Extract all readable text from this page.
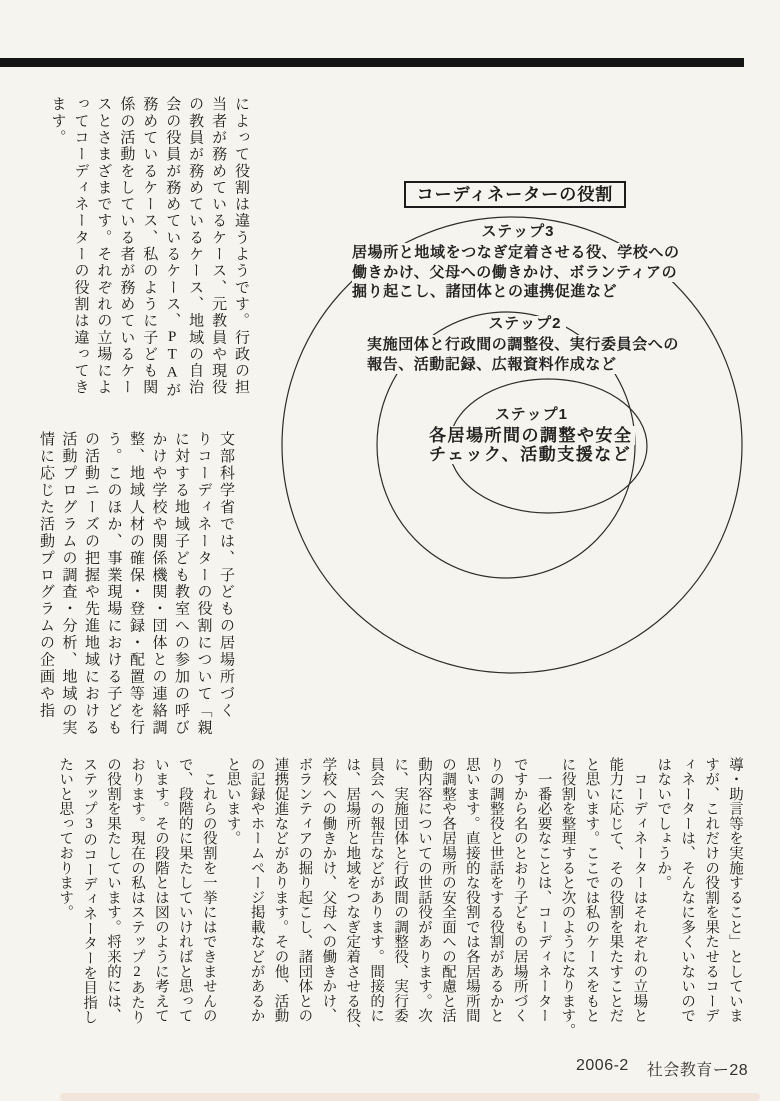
によって役割は違うようです。行政の担
当者が務めているケース、元教員や現役
の教員が務めているケース、地域の自治
会の役員が務めているケース、PTAが
務めているケース、私のように子ども関
係の活動をしている者が務めているケー
スとさまざまです。それぞれの立場によ
ってコーディネーターの役割は違ってき
ます。
文部科学省では、子どもの居場所づく
りコーディネーターの役割について「親
に対する地域子ども教室への参加の呼び
かけや学校や関係機関・団体との連絡調
整、地域人材の確保・登録・配置等を行
う。このほか、事業現場における子ども
の活動ニーズの把握や先進地域における
活動プログラムの調査・分析、地域の実
情に応じた活動プログラムの企画や指
コーディネーターの役割
ステップ3
居場所と地域をつなぎ定着させる役、学校への
働きかけ、父母への働きかけ、ボランティアの
掘り起こし、諸団体との連携促進など
ステップ2
実施団体と行政間の調整役、実行委員会への
報告、活動記録、広報資料作成など
ステップ1
各居場所間の調整や安全
チェック、活動支援など
導・助言等を実施すること」としていま
すが、これだけの役割を果たせるコーデ
ィネーターは、そんなに多くいないので
はないでしょうか。
　コーディネーターはそれぞれの立場と
能力に応じて、その役割を果たすことだ
と思います。ここでは私のケースをもと
に役割を整理すると次のようになります。
　一番必要なことは、コーディネーター
ですから名のとおり子どもの居場所づく
りの調整役と世話をする役割があるかと
思います。直接的な役割では各居場所間
の調整や各居場所の安全面への配慮と活
動内容についての世話役があります。次
に、実施団体と行政間の調整役、実行委
員会への報告などがあります。間接的に
は、居場所と地域をつなぎ定着させる役、
学校への働きかけ、父母への働きかけ、
ボランティアの掘り起こし、諸団体との
連携促進などがあります。その他、活動
の記録やホームページ掲載などがあるか
と思います。
　これらの役割を一挙にはできませんの
で、段階的に果たしていければと思って
います。その段階とは図のように考えて
おります。現在の私はステップ2あたり
の役割を果たしています。将来的には、
ステップ3のコーディネーターを目指し
たいと思っております。
2006-2 社会教育ー28
